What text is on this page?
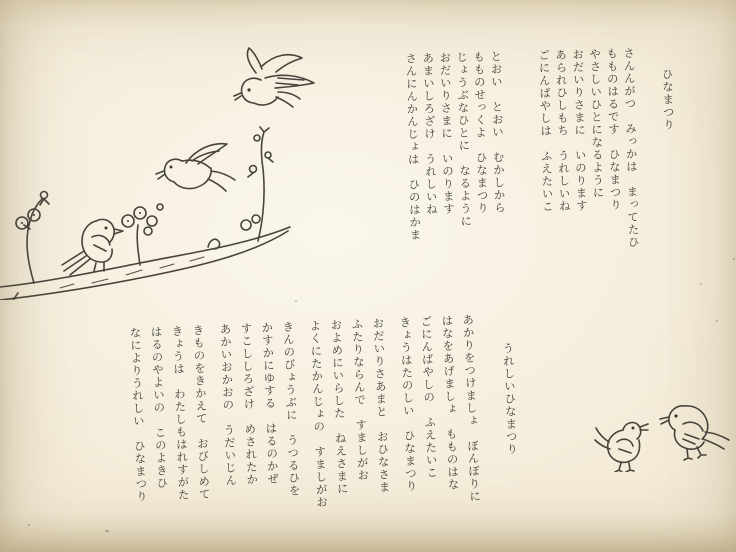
ひなまつり

さんんがつ　みっかは　まってたひ

もものはるです　ひなまつり

やさしいひとになるように

おだいりさまに　いのります

あられひしもち　うれしいね

ごにんばやしは　ふえたいこ

とおい　とおい　むかしから

もものせっくよ　ひなまつり

じょうぶなひとに　なるように

おだいりさまに　いのります

あまいしろざけ　うれしいね

さんにんかんじょは　ひのはかま

うれしいひなまつり

あかりをつけましょ　ぼんぼりに

はなをあげましょ　もものはな

ごにんばやしの　ふえたいこ

きょうはたのしい　ひなまつり

おだいりさあまと　おひなさま

ふたりならんで　すましがお

およめにいらした　ねえさまに

よくにたかんじょの　すましがお

きんのびょうぶに　うつるひを

かすかにゆする　はるのかぜ

すこししろざけ　めされたか

あかいおかおの　うだいじん

きものをきかえて　おびしめて

きょうは　わたしもはれすがた

はるのやよいの　このよきひ

なによりうれしい　ひなまつり
